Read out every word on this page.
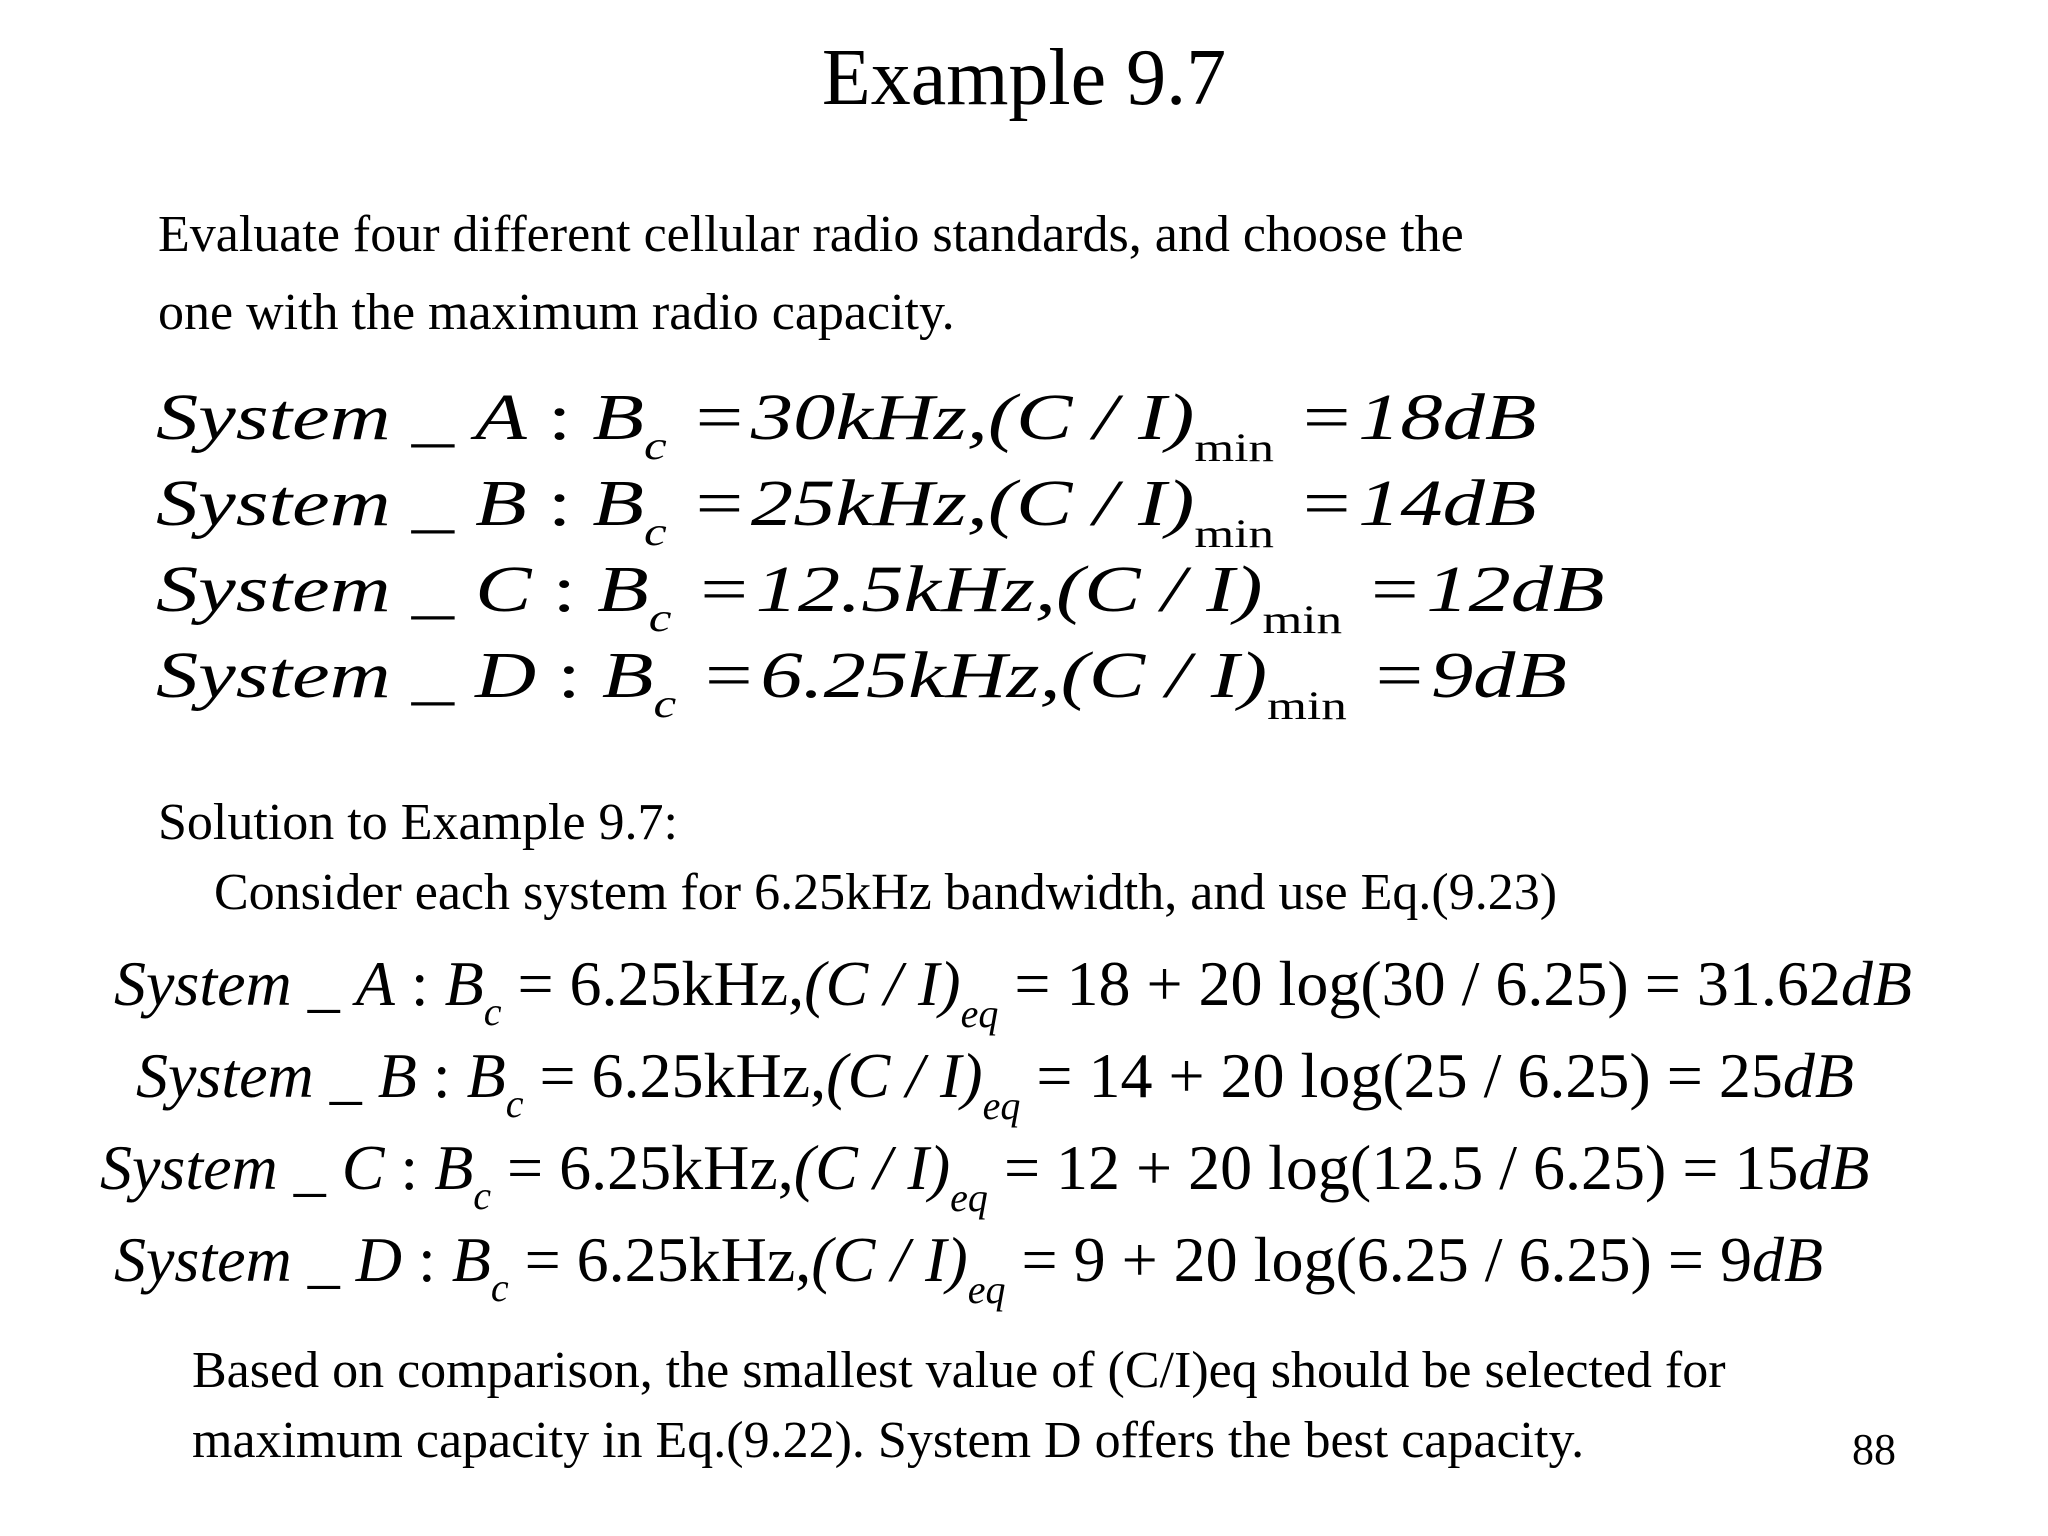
Example 9.7
Evaluate four different cellular radio standards, and choose the
one with the maximum radio capacity.
System _ A : $B_c = 30kHz,(C / I)_{min} = 18dB$
System _ B : $B_c = 25kHz,(C / I)_{min} = 14dB$
System _ C : $B_c = 12.5kHz,(C / I)_{min} = 12dB$
System _ D : $B_c = 6.25kHz,(C / I)_{min} = 9dB$
Solution to Example 9.7:
Consider each system for 6.25kHz bandwidth, and use Eq.(9.23)
System _ A : $B_c = 6.25kHz,(C / I)_{eq} = 18 + 20$ log(30 / 6.25) = 31.62dB
System _ B : $B_c = 6.25kHz,(C / I)_{eq} = 14 + 20$ log(25 / 6.25) = 25dB
System _ C : $B_c = 6.25kHz,(C / I)_{eq} = 12 + 20$ log(12.5 / 6.25) = 15dB
System _ D : $B_c = 6.25kHz,(C / I)_{eq} = 9 + 20$ log(6.25 / 6.25) = 9dB
Based on comparison, the smallest value of (C/I)eq should be selected for
maximum capacity in Eq.(9.22). System D offers the best capacity.	88
